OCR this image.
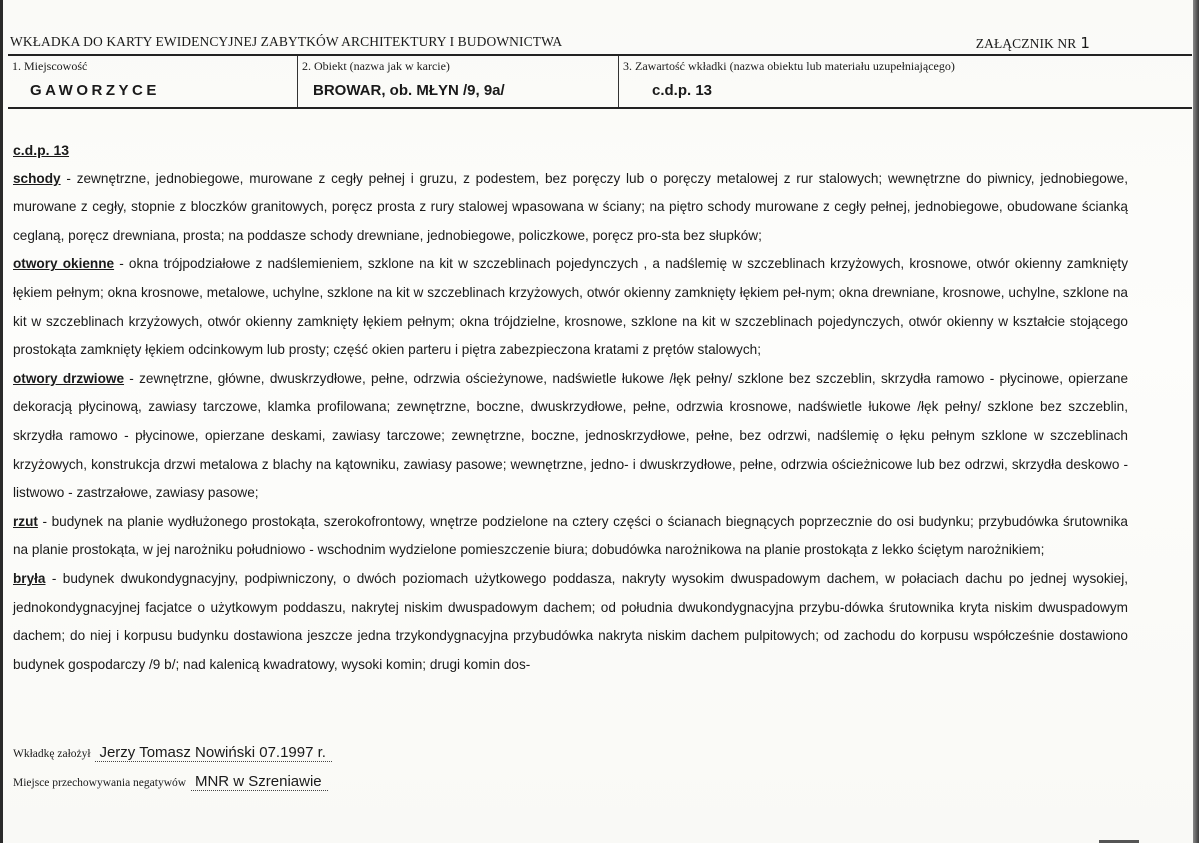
WKŁADKA DO KARTY EWIDENCYJNEJ ZABYTKÓW ARCHITEKTURY I BUDOWNICTWA	ZAŁĄCZNIK NR 1
1. Miejscowość
GAWORZYCE
2. Obiekt (nazwa jak w karcie)
BROWAR, ob. MŁYN /9, 9a/
3. Zawartość wkładki (nazwa obiektu lub materiału uzupełniającego)
c.d.p. 13
c.d.p. 13

schody - zewnętrzne, jednobiegowe, murowane z cegły pełnej i gruzu, z podestem, bez poręczy lub o poręczy metalowej z rur stalowych; wewnętrzne do piwnicy, jednobiegowe, murowane z cegły, stopnie z bloczków granitowych, poręcz prosta z rury stalowej wpasowana w ściany; na piętro schody murowane z cegły pełnej, jednobiegowe, obudowane ścianką ceglaną, poręcz drewniana, prosta; na poddasze schody drewniane, jednobiegowe, policzkowe, poręcz pro-sta bez słupków;

otwory okienne - okna trójpodziałowe z nadślemieniem, szklone na kit w szczeblinach pojedynczych , a nadślemię w szczeblinach krzyżowych, krosnowe, otwór okienny zamknięty łękiem pełnym; okna krosnowe, metalowe, uchylne, szklone na kit w szczeblinach krzyżowych, otwór okienny zamknięty łękiem peł-nym; okna drewniane, krosnowe, uchylne, szklone na kit w szczeblinach krzyżowych, otwór okienny zamknięty łękiem pełnym; okna trójdzielne, krosnowe, szklone na kit w szczeblinach pojedynczych, otwór okienny w kształcie stojącego prostokąta zamknięty łękiem odcinkowym lub prosty; część okien parteru i piętra zabezpieczona kratami z prętów stalowych;

otwory drzwiowe - zewnętrzne, główne, dwuskrzydłowe, pełne, odrzwia ościeżynowe, nadświetle łukowe /łęk pełny/ szklone bez szczeblin, skrzydła ramowo - płycinowe, opierzane dekoracją płycinową, zawiasy tarczowe, klamka profilowana; zewnętrzne, boczne, dwuskrzydłowe, pełne, odrzwia krosnowe, nadświetle łukowe /łęk pełny/ szklone bez szczeblin, skrzydła ramowo - płycinowe, opierzane deskami, zawiasy tarczowe; zewnętrzne, boczne, jednoskrzydłowe, pełne, bez odrzwi, nadślemię o łęku pełnym szklone w szczeblinach krzyżowych, konstrukcja drzwi metalowa z blachy na kątowniku, zawiasy pasowe; wewnętrzne, jedno- i dwuskrzydłowe, pełne, odrzwia ościeżnicowe lub bez odrzwi, skrzydła deskowo - listwowo - zastrzałowe, zawiasy pasowe;

rzut - budynek na planie wydłużonego prostokąta, szerokofrontowy, wnętrze podzielone na cztery części o ścianach biegnących poprzecznie do osi budynku; przybudówka śrutownika na planie prostokąta, w jej narożniku południowo - wschodnim wydzielone pomieszczenie biura; dobudówka narożnikowa na planie prostokąta z lekko ściętym narożnikiem;

bryła - budynek dwukondygnacyjny, podpiwniczony, o dwóch poziomach użytkowego poddasza, nakryty wysokim dwuspadowym dachem, w połaciach dachu po jednej wysokiej, jednokondygnacyjnej facjatce o użytkowym poddaszu, nakrytej niskim dwuspadowym dachem; od południa dwukondygnacyjna przybu-dówka śrutownika kryta niskim dwuspadowym dachem; do niej i korpusu budynku dostawiona jeszcze jedna trzykondygnacyjna przybudówka nakryta niskim dachem pulpitowych; od zachodu do korpusu współcześnie dostawiono budynek gospodarczy /9 b/; nad kalenicą kwadratowy, wysoki komin; drugi komin dos-

Wkładkę założył Jerzy Tomasz Nowiński 07.1997 r.
Miejsce przechowywania negatywów MNR w Szreniawie
